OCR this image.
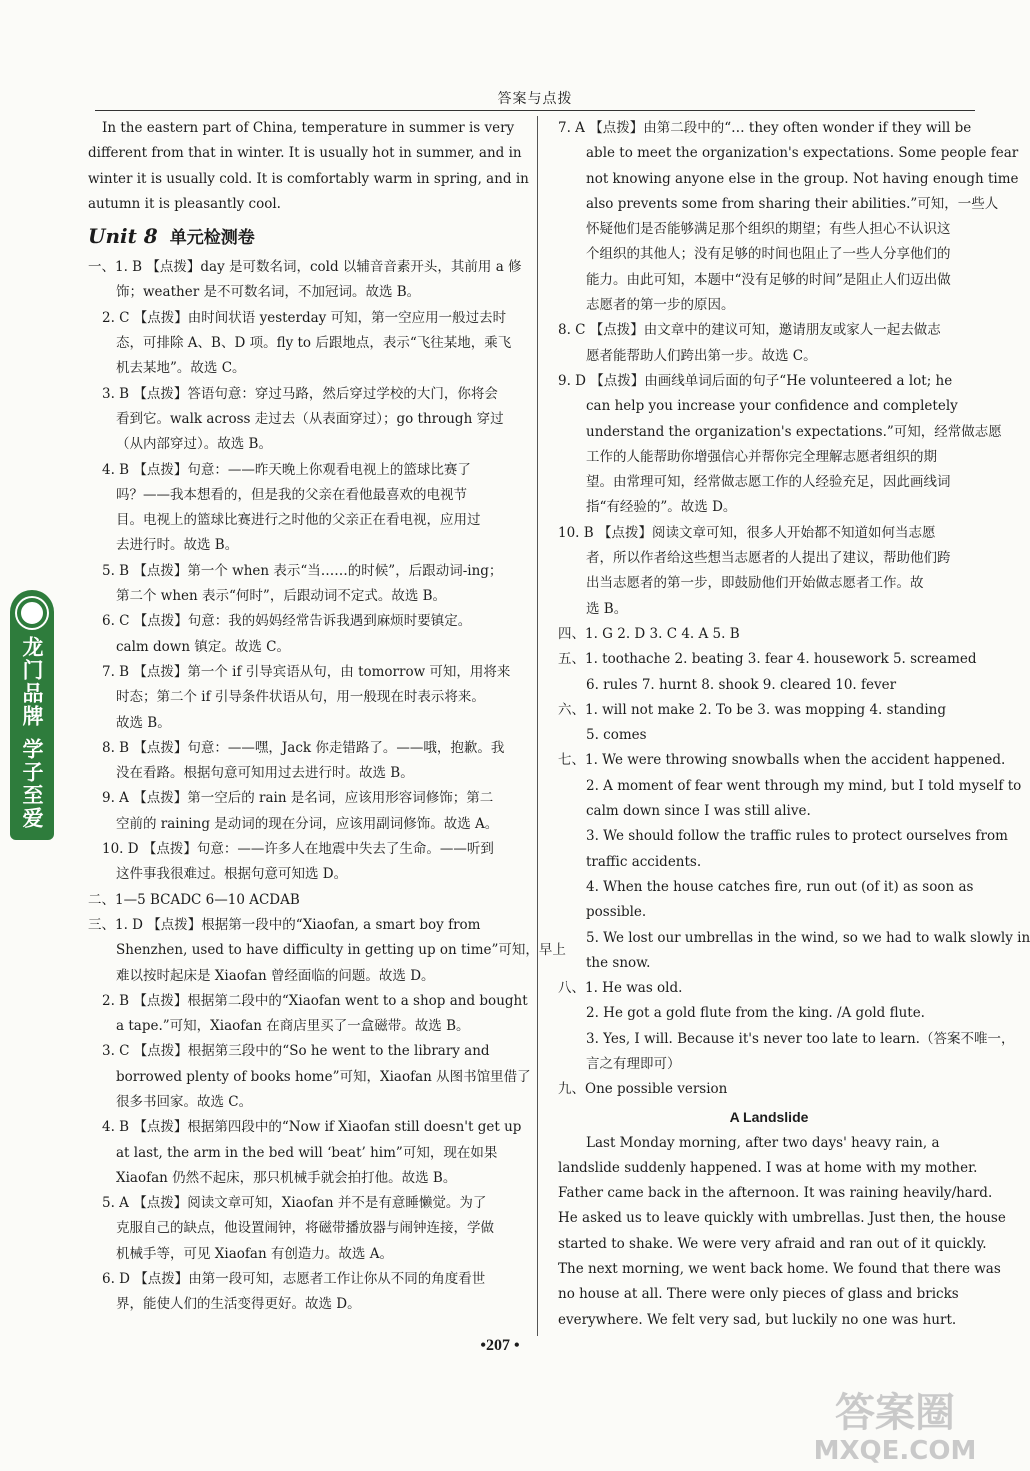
答案与点拨
龙门品牌
学子至爱
In the eastern part of China, temperature in summer is very
different from that in winter. It is usually hot in summer, and in
winter it is usually cold. It is comfortably warm in spring, and in
autumn it is pleasantly cool.
Unit 8 单元检测卷
一、1. B 【点拨】day 是可数名词，cold 以辅音音素开头，其前用 a 修
饰；weather 是不可数名词，不加冠词。故选 B。
2. C 【点拨】由时间状语 yesterday 可知，第一空应用一般过去时
态，可排除 A、B、D 项。fly to 后跟地点，表示“飞往某地，乘飞
机去某地”。故选 C。
3. B 【点拨】答语句意：穿过马路，然后穿过学校的大门，你将会
看到它。walk across 走过去（从表面穿过）；go through 穿过
（从内部穿过）。故选 B。
4. B 【点拨】句意：——昨天晚上你观看电视上的篮球比赛了
吗？——我本想看的，但是我的父亲在看他最喜欢的电视节
目。电视上的篮球比赛进行之时他的父亲正在看电视，应用过
去进行时。故选 B。
5. B 【点拨】第一个 when 表示“当……的时候”，后跟动词-ing；
第二个 when 表示“何时”，后跟动词不定式。故选 B。
6. C 【点拨】句意：我的妈妈经常告诉我遇到麻烦时要镇定。
calm down 镇定。故选 C。
7. B 【点拨】第一个 if 引导宾语从句，由 tomorrow 可知，用将来
时态；第二个 if 引导条件状语从句，用一般现在时表示将来。
故选 B。
8. B 【点拨】句意：——嘿，Jack 你走错路了。——哦，抱歉。我
没在看路。根据句意可知用过去进行时。故选 B。
9. A 【点拨】第一空后的 rain 是名词，应该用形容词修饰；第二
空前的 raining 是动词的现在分词，应该用副词修饰。故选 A。
10. D 【点拨】句意：——许多人在地震中失去了生命。——听到
这件事我很难过。根据句意可知选 D。
二、1—5 BCADC 6—10 ACDAB
三、1. D 【点拨】根据第一段中的“Xiaofan, a smart boy from
Shenzhen, used to have difficulty in getting up on time”可知，早上
难以按时起床是 Xiaofan 曾经面临的问题。故选 D。
2. B 【点拨】根据第二段中的“Xiaofan went to a shop and bought
a tape.”可知，Xiaofan 在商店里买了一盒磁带。故选 B。
3. C 【点拨】根据第三段中的“So he went to the library and
borrowed plenty of books home”可知，Xiaofan 从图书馆里借了
很多书回家。故选 C。
4. B 【点拨】根据第四段中的“Now if Xiaofan still doesn't get up
at last, the arm in the bed will ‘beat’ him”可知，现在如果
Xiaofan 仍然不起床，那只机械手就会拍打他。故选 B。
5. A 【点拨】阅读文章可知，Xiaofan 并不是有意睡懒觉。为了
克服自己的缺点，他设置闹钟，将磁带播放器与闹钟连接，学做
机械手等，可见 Xiaofan 有创造力。故选 A。
6. D 【点拨】由第一段可知，志愿者工作让你从不同的角度看世
界，能使人们的生活变得更好。故选 D。
7. A 【点拨】由第二段中的“… they often wonder if they will be
able to meet the organization's expectations. Some people fear
not knowing anyone else in the group. Not having enough time
also prevents some from sharing their abilities.”可知，一些人
怀疑他们是否能够满足那个组织的期望；有些人担心不认识这
个组织的其他人；没有足够的时间也阻止了一些人分享他们的
能力。由此可知，本题中“没有足够的时间”是阻止人们迈出做
志愿者的第一步的原因。
8. C 【点拨】由文章中的建议可知，邀请朋友或家人一起去做志
愿者能帮助人们跨出第一步。故选 C。
9. D 【点拨】由画线单词后面的句子“He volunteered a lot; he
can help you increase your confidence and completely
understand the organization's expectations.”可知，经常做志愿
工作的人能帮助你增强信心并帮你完全理解志愿者组织的期
望。由常理可知，经常做志愿工作的人经验充足，因此画线词
指“有经验的”。故选 D。
10. B 【点拨】阅读文章可知，很多人开始都不知道如何当志愿
者，所以作者给这些想当志愿者的人提出了建议，帮助他们跨
出当志愿者的第一步，即鼓励他们开始做志愿者工作。故
选 B。
四、1. G 2. D 3. C 4. A 5. B
五、1. toothache 2. beating 3. fear 4. housework 5. screamed
6. rules 7. hurnt 8. shook 9. cleared 10. fever
六、1. will not make 2. To be 3. was mopping 4. standing
5. comes
七、1. We were throwing snowballs when the accident happened.
2. A moment of fear went through my mind, but I told myself to
calm down since I was still alive.
3. We should follow the traffic rules to protect ourselves from
traffic accidents.
4. When the house catches fire, run out (of it) as soon as
possible.
5. We lost our umbrellas in the wind, so we had to walk slowly in
the snow.
八、1. He was old.
2. He got a gold flute from the king. /A gold flute.
3. Yes, I will. Because it's never too late to learn.（答案不唯一，
言之有理即可）
九、One possible version
A Landslide
Last Monday morning, after two days' heavy rain, a
landslide suddenly happened. I was at home with my mother.
Father came back in the afternoon. It was raining heavily/hard.
He asked us to leave quickly with umbrellas. Just then, the house
started to shake. We were very afraid and ran out of it quickly.
The next morning, we went back home. We found that there was
no house at all. There were only pieces of glass and bricks
everywhere. We felt very sad, but luckily no one was hurt.
•207 •
答案圈
MXQE.COM
